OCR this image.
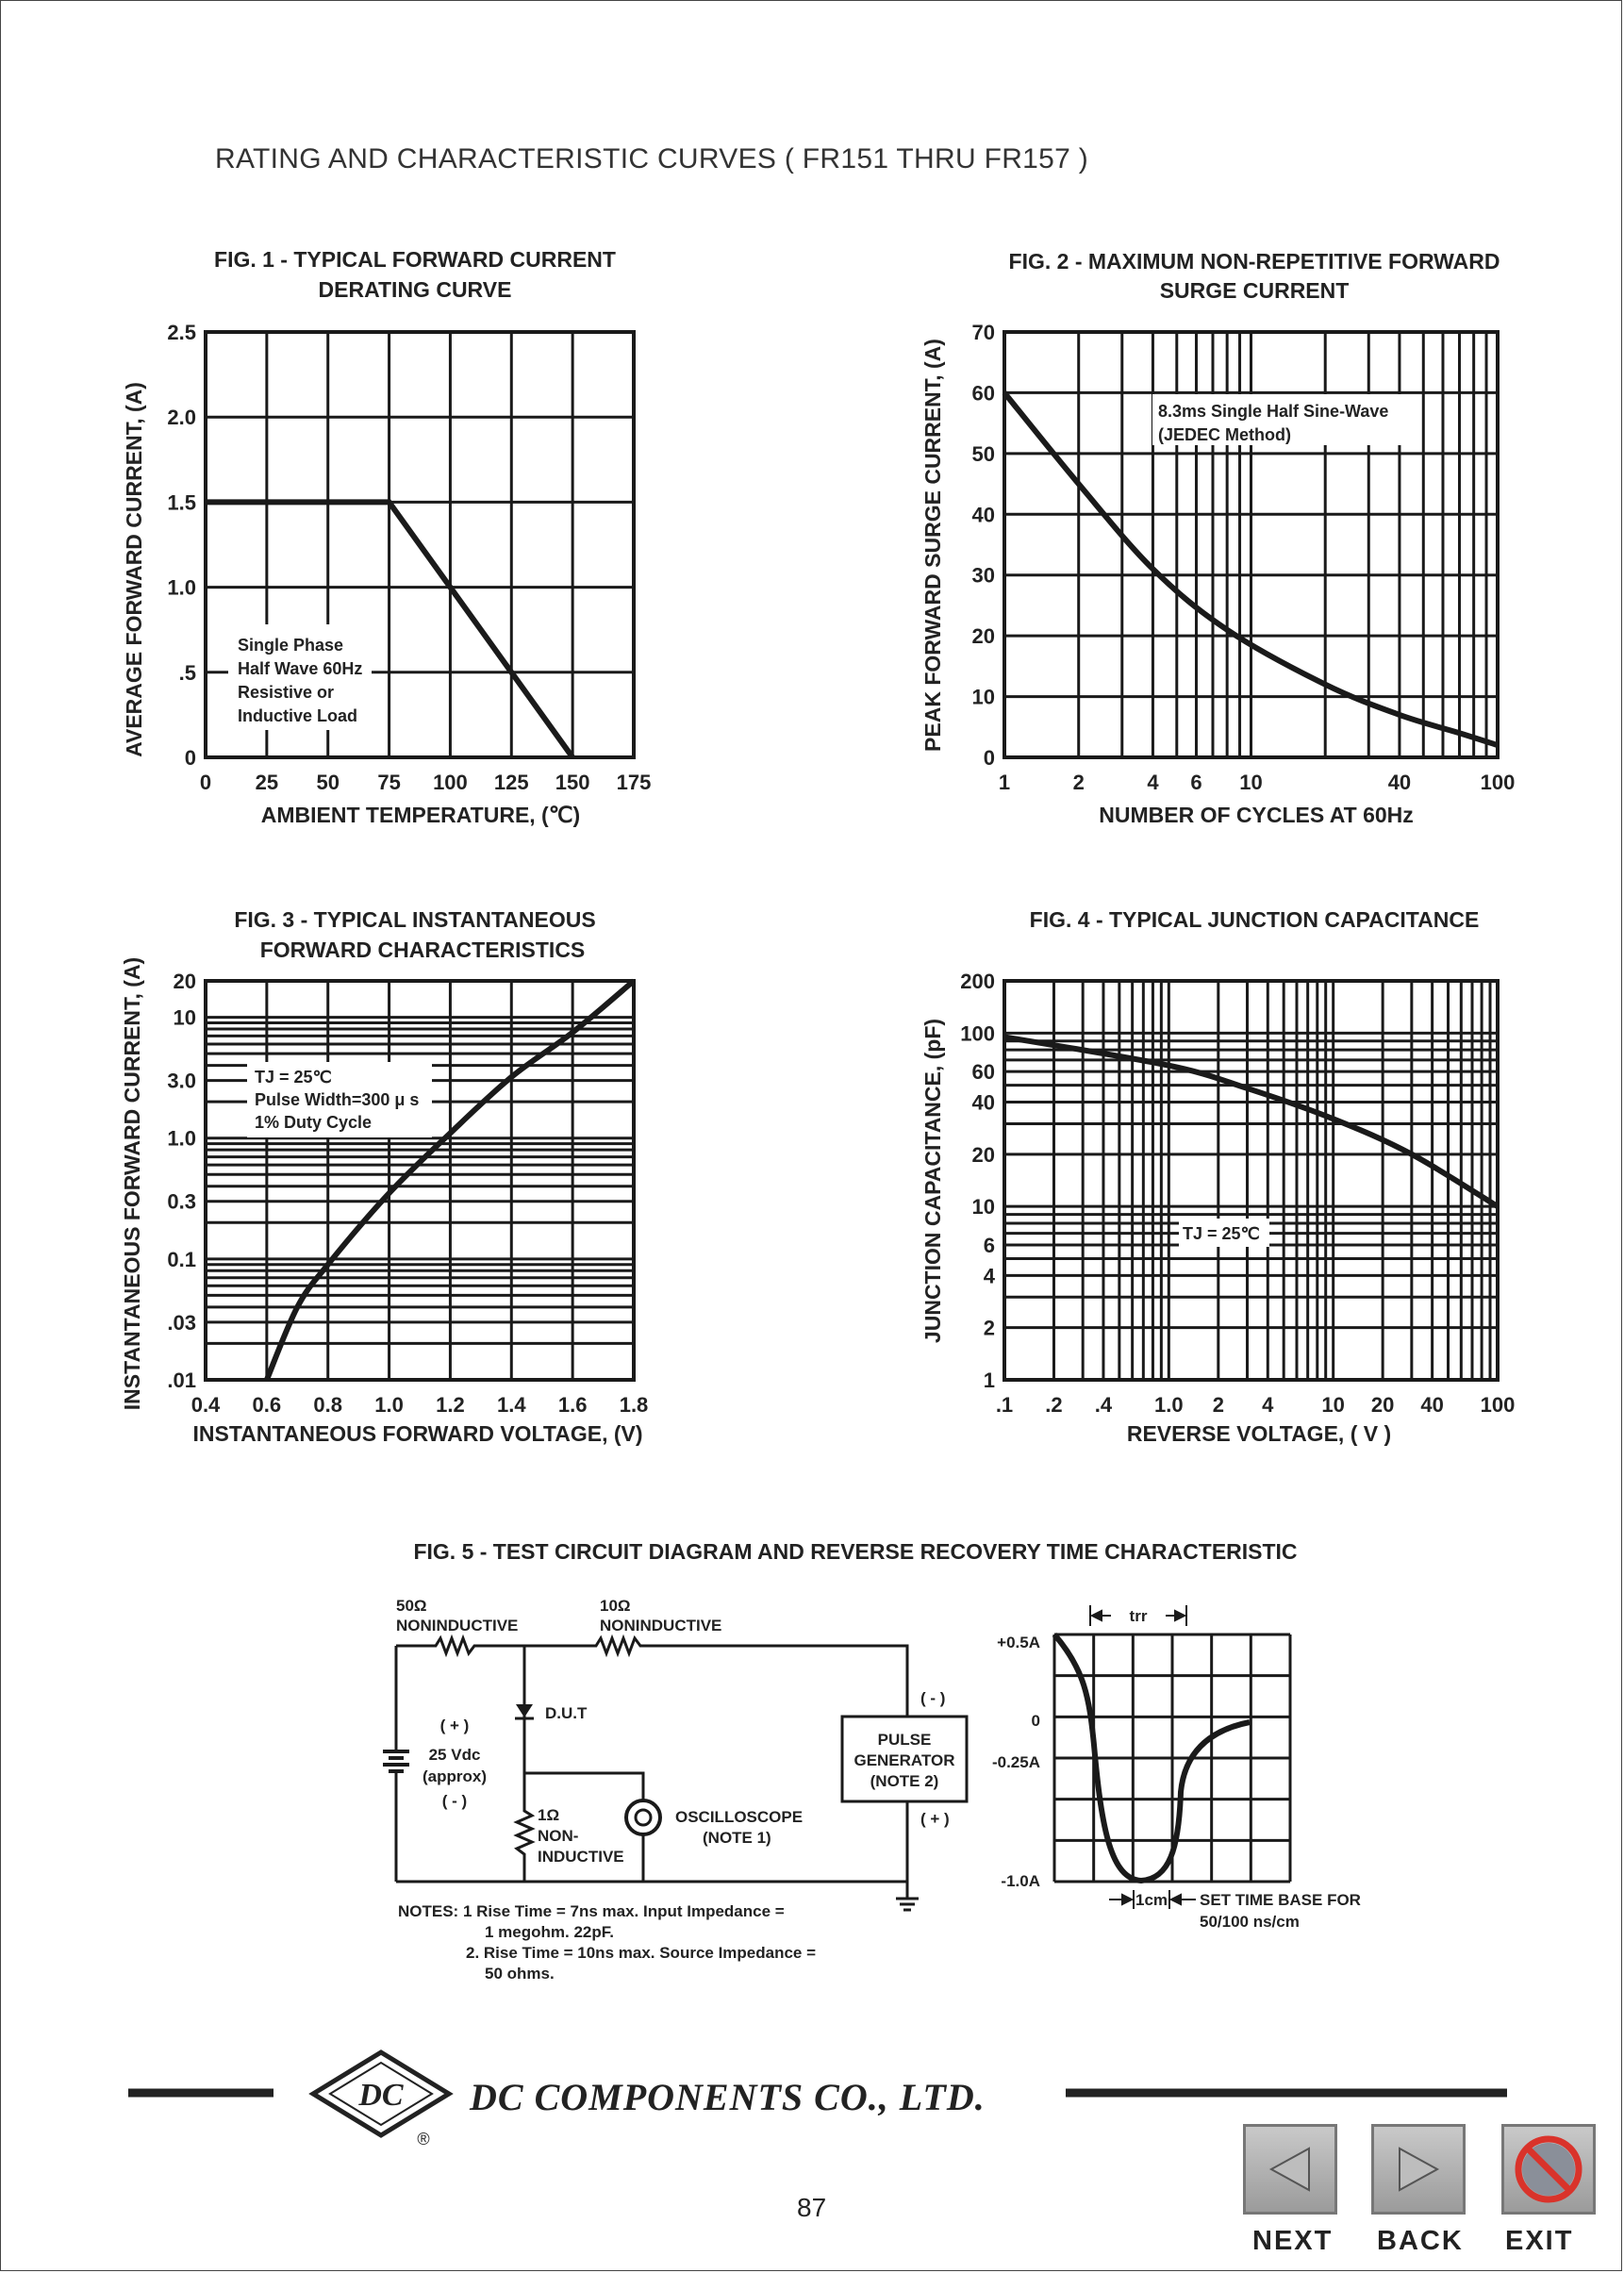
RATING AND CHARACTERISTIC CURVES ( FR151 THRU FR157 )
FIG. 1 - TYPICAL FORWARD CURRENT
DERATING CURVE
0 25 50 75 100 125 150 175
0
.5
1.0
1.5
2.0
2.5
AMBIENT TEMPERATURE, (℃)
AVERAGE FORWARD CURRENT, (A)	Single Phase
Half Wave 60Hz
Resistive or
Inductive Load
FIG. 2 - MAXIMUM NON-REPETITIVE FORWARD
SURGE CURRENT
1	2	4 6 10	40	100
0
10
20
30
40
50
60
70
NUMBER OF CYCLES AT 60Hz
PEAK FORWARD SURGE CURRENT, (A)	8.3ms Single Half Sine-Wave
(JEDEC Method)
FIG. 3 - TYPICAL INSTANTANEOUS
FORWARD CHARACTERISTICS
0.4 0.6 0.8 1.0 1.2 1.4 1.6 1.8
.01
.03
0.1
0.3
1.0
3.0
10
20
INSTANTANEOUS FORWARD VOLTAGE, (V)
INSTANTANEOUS FORWARD CURRENT, (A)	TJ = 25℃
Pulse Width=300 μ s
1% Duty Cycle
FIG. 4 - TYPICAL JUNCTION CAPACITANCE
.1 .2 .4 1.0 2 4 10 20 40 100
1
2
4
6
10
20
40
60
100
200
REVERSE VOLTAGE, ( V )
JUNCTION CAPACITANCE, (pF)	TJ = 25℃
FIG. 5 - TEST CIRCUIT DIAGRAM AND REVERSE RECOVERY TIME CHARACTERISTIC
50Ω
NONINDUCTIVE
10Ω
NONINDUCTIVE
D.U.T
( + )
25 Vdc
(approx)
( - )
1Ω
NON-
INDUCTIVE
OSCILLOSCOPE
(NOTE 1)
PULSE
GENERATOR
(NOTE 2)
( - )
( + )
NOTES: 1 Rise Time = 7ns max. Input Impedance =
1 megohm. 22pF.
2. Rise Time = 10ns max. Source Impedance =
50 ohms.
trr
+0.5A
0
-0.25A
-1.0A
1cm SET TIME BASE FOR
50/100 ns/cm
DC
®
DC COMPONENTS CO., LTD.
87
NEXT BACK EXIT
